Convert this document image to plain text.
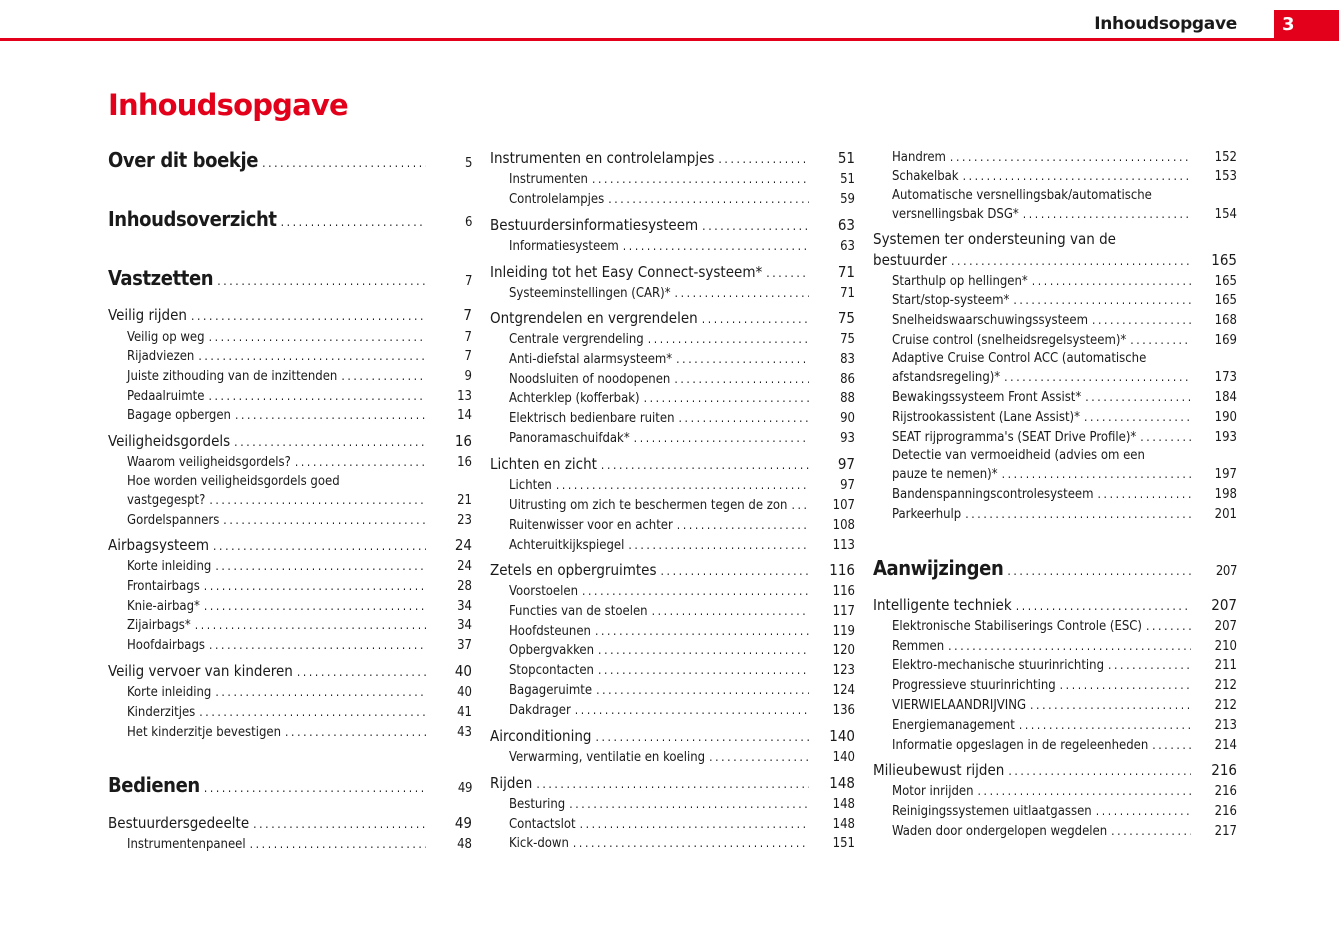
Inhoudsopgave	3
Inhoudsopgave
Over dit boekje .....	5
Inhoudsoverzicht .....	6
Vastzetten .....	7
Veilig rijden .....	7
Veilig op weg .....	7
Rijadviezen .....	7
Juiste zithouding van de inzittenden .....	9
Pedaalruimte .....	13
Bagage opbergen .....	14
Veiligheidsgordels .....	16
Waarom veiligheidsgordels? .....	16
Hoe worden veiligheidsgordels goed
vastgegespt? .....	21
Gordelspanners .....	23
Airbagsysteem .....	24
Korte inleiding .....	24
Frontairbags .....	28
Knie-airbag* .....	34
Zijairbags* .....	34
Hoofdairbags .....	37
Veilig vervoer van kinderen .....	40
Korte inleiding .....	40
Kinderzitjes .....	41
Het kinderzitje bevestigen .....	43
Bedienen .....	49
Bestuurdersgedeelte .....	49
Instrumentenpaneel .....	48
Instrumenten en controlelampjes .....	51
Instrumenten .....	51
Controlelampjes .....	59
Bestuurdersinformatiesysteem .....	63
Informatiesysteem .....	63
Inleiding tot het Easy Connect-systeem* .....	71
Systeeminstellingen (CAR)* .....	71
Ontgrendelen en vergrendelen .....	75
Centrale vergrendeling .....	75
Anti-diefstal alarmsysteem* .....	83
Noodsluiten of noodopenen .....	86
Achterklep (kofferbak) .....	88
Elektrisch bedienbare ruiten .....	90
Panoramaschuifdak* .....	93
Lichten en zicht .....	97
Lichten .....	97
Uitrusting om zich te beschermen tegen de zon .....	107
Ruitenwisser voor en achter .....	108
Achteruitkijkspiegel .....	113
Zetels en opbergruimtes .....	116
Voorstoelen .....	116
Functies van de stoelen .....	117
Hoofdsteunen .....	119
Opbergvakken .....	120
Stopcontacten .....	123
Bagageruimte .....	124
Dakdrager .....	136
Airconditioning .....	140
Verwarming, ventilatie en koeling .....	140
Rijden .....	148
Besturing .....	148
Contactslot .....	148
Kick-down .....	151
Handrem .....	152
Schakelbak .....	153
Automatische versnellingsbak/automatische
versnellingsbak DSG* .....	154
Systemen ter ondersteuning van de
bestuurder .....	165
Starthulp op hellingen* .....	165
Start/stop-systeem* .....	165
Snelheidswaarschuwingssysteem .....	168
Cruise control (snelheidsregelsysteem)* .....	169
Adaptive Cruise Control ACC (automatische
afstandsregeling)* .....	173
Bewakingssysteem Front Assist* .....	184
Rijstrookassistent (Lane Assist)* .....	190
SEAT rijprogramma's (SEAT Drive Profile)* .....	193
Detectie van vermoeidheid (advies om een
pauze te nemen)* .....	197
Bandenspanningscontrolesysteem .....	198
Parkeerhulp .....	201
Aanwijzingen .....	207
Intelligente techniek .....	207
Elektronische Stabiliserings Controle (ESC) .....	207
Remmen .....	210
Elektro-mechanische stuurinrichting .....	211
Progressieve stuurinrichting .....	212
VIERWIELAANDRIJVING .....	212
Energiemanagement .....	213
Informatie opgeslagen in de regeleenheden .....	214
Milieubewust rijden .....	216
Motor inrijden .....	216
Reinigingssystemen uitlaatgassen .....	216
Waden door ondergelopen wegdelen .....	217
